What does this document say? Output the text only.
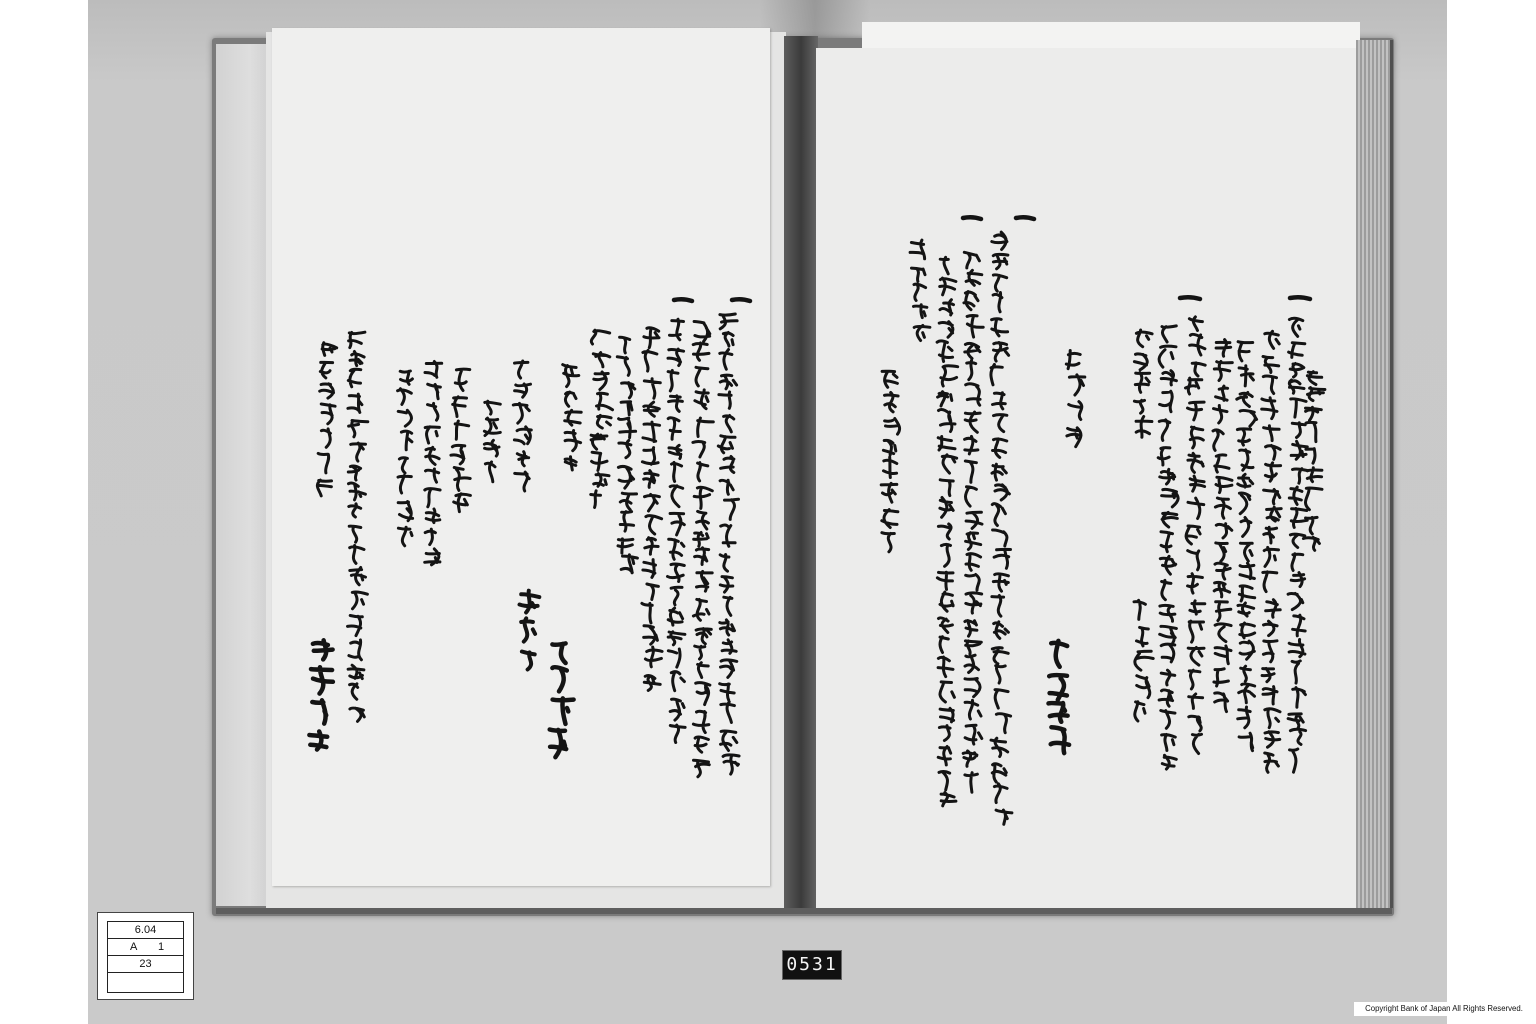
6.04
A 1
23	0531
Copyright Bank of Japan All Rights Reserved.
